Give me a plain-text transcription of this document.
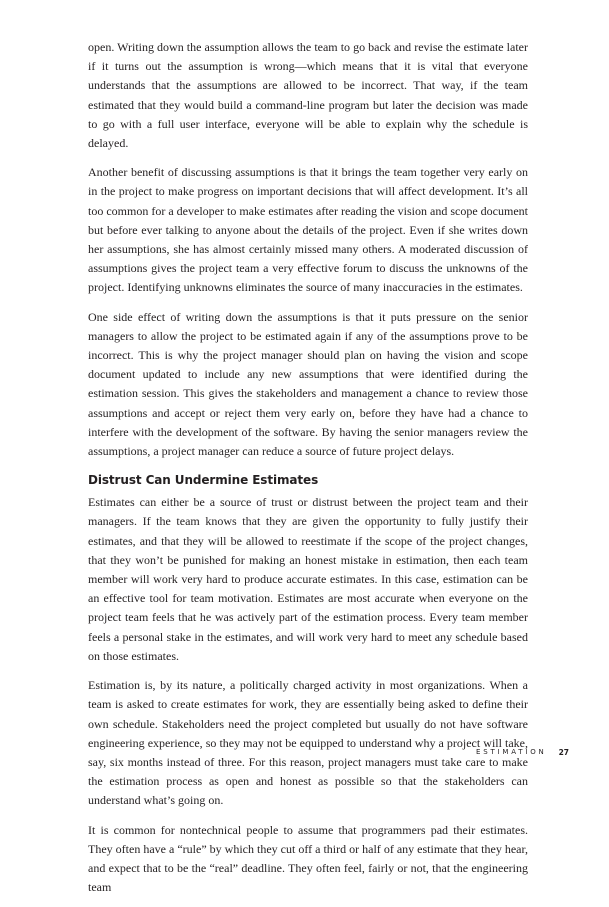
open. Writing down the assumption allows the team to go back and revise the estimate later if it turns out the assumption is wrong—which means that it is vital that everyone understands that the assumptions are allowed to be incorrect. That way, if the team estimated that they would build a command-line program but later the decision was made to go with a full user interface, everyone will be able to explain why the schedule is delayed.

Another benefit of discussing assumptions is that it brings the team together very early on in the project to make progress on important decisions that will affect development. It’s all too common for a developer to make estimates after reading the vision and scope document but before ever talking to anyone about the details of the project. Even if she writes down her assumptions, she has almost certainly missed many others. A moderated discussion of assumptions gives the project team a very effective forum to discuss the unknowns of the project. Identifying unknowns eliminates the source of many inaccuracies in the estimates.

One side effect of writing down the assumptions is that it puts pressure on the senior managers to allow the project to be estimated again if any of the assumptions prove to be incorrect. This is why the project manager should plan on having the vision and scope document updated to include any new assumptions that were identified during the estimation session. This gives the stakeholders and management a chance to review those assumptions and accept or reject them very early on, before they have had a chance to interfere with the development of the software. By having the senior managers review the assumptions, a project manager can reduce a source of future project delays.

Distrust Can Undermine Estimates

Estimates can either be a source of trust or distrust between the project team and their managers. If the team knows that they are given the opportunity to fully justify their estimates, and that they will be allowed to reestimate if the scope of the project changes, that they won’t be punished for making an honest mistake in estimation, then each team member will work very hard to produce accurate estimates. In this case, estimation can be an effective tool for team motivation. Estimates are most accurate when everyone on the project team feels that he was actively part of the estimation process. Every team member feels a personal stake in the estimates, and will work very hard to meet any schedule based on those estimates.

Estimation is, by its nature, a politically charged activity in most organizations. When a team is asked to create estimates for work, they are essentially being asked to define their own schedule. Stakeholders need the project completed but usually do not have software engineering experience, so they may not be equipped to understand why a project will take, say, six months instead of three. For this reason, project managers must take care to make the estimation process as open and honest as possible so that the stakeholders can understand what’s going on.

It is common for nontechnical people to assume that programmers pad their estimates. They often have a “rule” by which they cut off a third or half of any estimate that they hear, and expect that to be the “real” deadline. They often feel, fairly or not, that the engineering team

ESTIMATION 27
